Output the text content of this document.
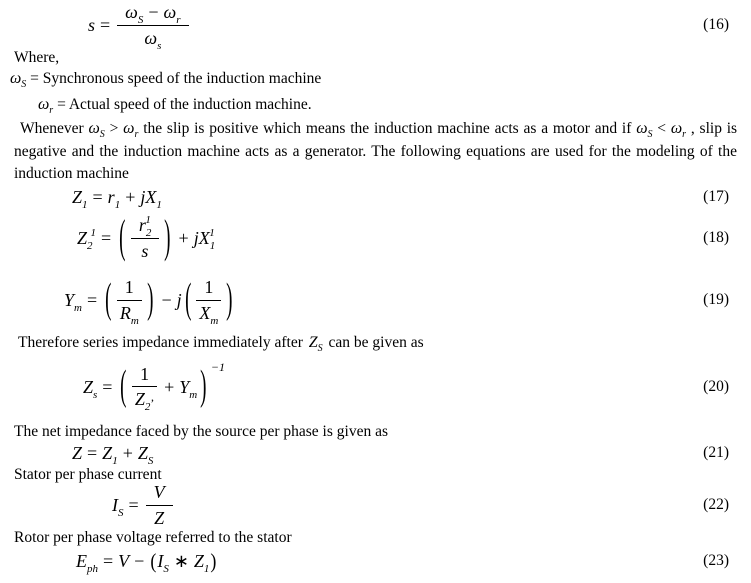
$s = \frac{\omega_S - \omega_r}{\omega_s}$	(16)
Where,
$\omega_S$ = Synchronous speed of the induction machine
$\omega_r$ = Actual speed of the induction machine.

Whenever $\omega_S > \omega_r$ the slip is positive which means the induction machine acts as a motor and if $\omega_S < \omega_r$ , slip is negative and the induction machine acts as a generator. The following equations are used for the modeling of the induction machine

$Z_1 = r_1 + jX_1$	(17)
$Z_2^1$ = ( $\frac{r_2^1}{s}$ ) + $jX_1^1$	(18)
$Y_m$ = ( $\frac{1}{R_m}$ ) − j ( $\frac{1}{X_m}$ )	(19)
Therefore series impedance immediately after $Z_S$ can be given as
$Z_s$ = ( $\frac{1}{Z_2’} + Y_m$ ) −1
(20)
The net impedance faced by the source per phase is given as
$Z = Z_1 + Z_S$	(21)
Stator per phase current
$I_S = \frac{V}{Z}$	(22)
Rotor per phase voltage referred to the stator
$E_{ph} = V$ − ( $I_S$ ∗ $Z_1$ )	(23)
